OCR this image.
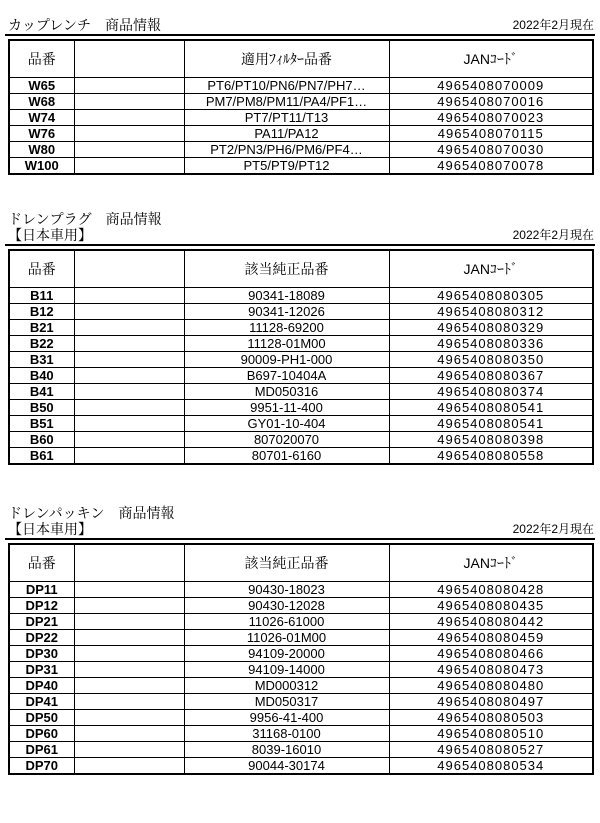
カップレンチ　商品情報	2022年2月現在
品番		適用ﾌｨﾙﾀｰ品番	JANｺｰﾄﾞ
W65		PT6/PT10/PN6/PN7/PH7…	4965408070009
W68		PM7/PM8/PM11/PA4/PF1…	4965408070016
W74		PT7/PT11/T13	4965408070023
W76		PA11/PA12	4965408070115
W80		PT2/PN3/PH6/PM6/PF4…	4965408070030
W100		PT5/PT9/PT12	4965408070078
ドレンプラグ　商品情報
【日本車用】	2022年2月現在
品番		該当純正品番	JANｺｰﾄﾞ
B11		90341-18089	4965408080305
B12		90341-12026	4965408080312
B21		11128-69200	4965408080329
B22		11128-01M00	4965408080336
B31		90009-PH1-000	4965408080350
B40		B697-10404A	4965408080367
B41		MD050316	4965408080374
B50		9951-11-400	4965408080541
B51		GY01-10-404	4965408080541
B60		807020070	4965408080398
B61		80701-6160	4965408080558
ドレンパッキン　商品情報
【日本車用】	2022年2月現在
品番		該当純正品番	JANｺｰﾄﾞ
DP11		90430-18023	4965408080428
DP12		90430-12028	4965408080435
DP21		11026-61000	4965408080442
DP22		11026-01M00	4965408080459
DP30		94109-20000	4965408080466
DP31		94109-14000	4965408080473
DP40		MD000312	4965408080480
DP41		MD050317	4965408080497
DP50		9956-41-400	4965408080503
DP60		31168-0100	4965408080510
DP61		8039-16010	4965408080527
DP70		90044-30174	4965408080534
